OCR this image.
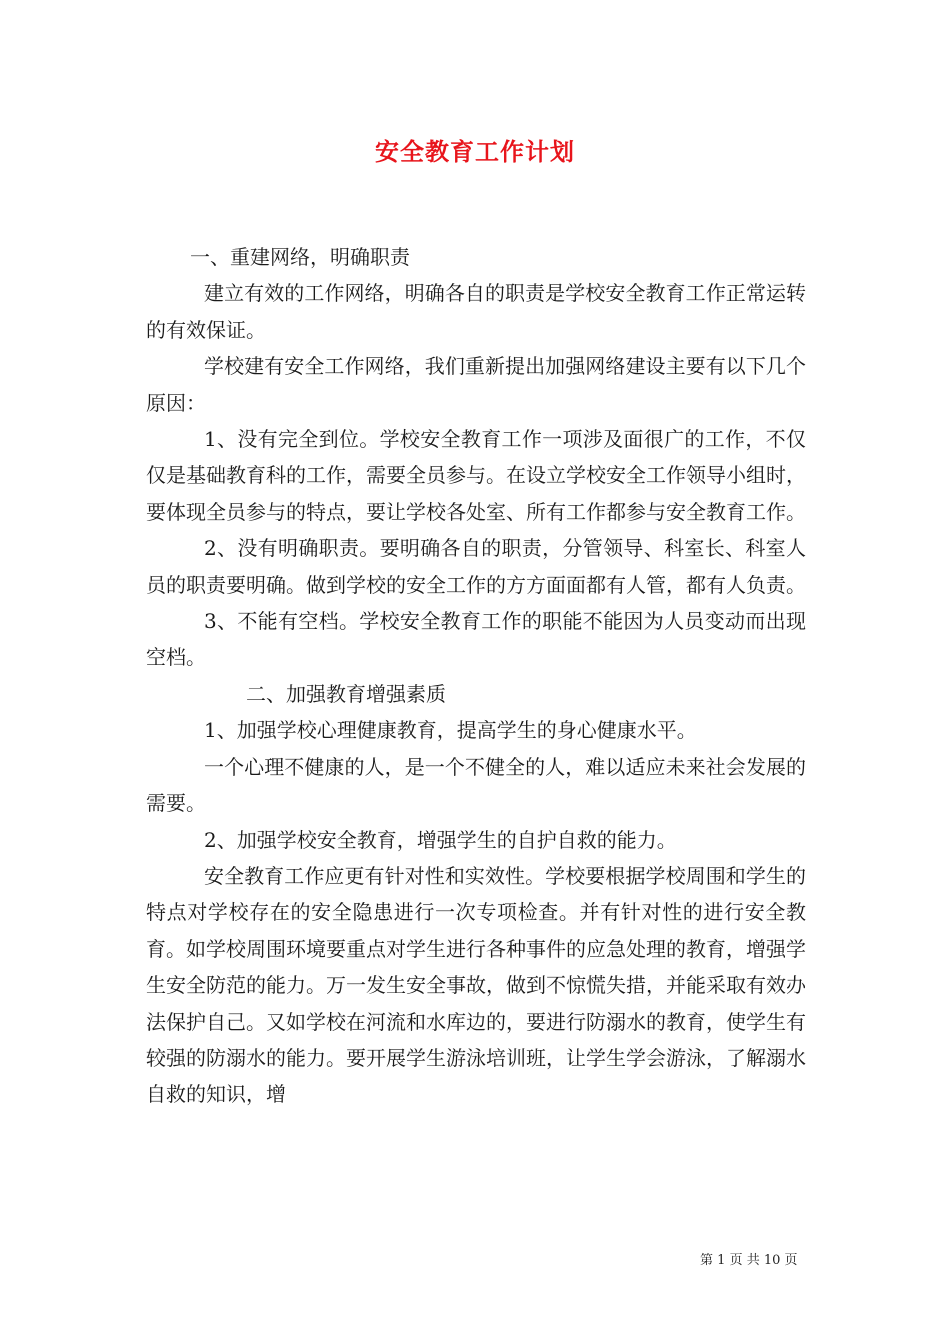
安全教育工作计划

一、重建网络，明确职责

建立有效的工作网络，明确各自的职责是学校安全教育工作正常运转的有效保证。

学校建有安全工作网络，我们重新提出加强网络建设主要有以下几个原因：

1、没有完全到位。学校安全教育工作一项涉及面很广的工作，不仅仅是基础教育科的工作，需要全员参与。在设立学校安全工作领导小组时，要体现全员参与的特点，要让学校各处室、所有工作都参与安全教育工作。

2、没有明确职责。要明确各自的职责，分管领导、科室长、科室人员的职责要明确。做到学校的安全工作的方方面面都有人管，都有人负责。

3、不能有空档。学校安全教育工作的职能不能因为人员变动而出现空档。

二、加强教育增强素质

1、加强学校心理健康教育，提高学生的身心健康水平。

一个心理不健康的人，是一个不健全的人，难以适应未来社会发展的需要。

2、加强学校安全教育，增强学生的自护自救的能力。

安全教育工作应更有针对性和实效性。学校要根据学校周围和学生的特点对学校存在的安全隐患进行一次专项检查。并有针对性的进行安全教育。如学校周围环境要重点对学生进行各种事件的应急处理的教育，增强学生安全防范的能力。万一发生安全事故，做到不惊慌失措，并能采取有效办法保护自己。又如学校在河流和水库边的，要进行防溺水的教育，使学生有较强的防溺水的能力。要开展学生游泳培训班，让学生学会游泳，了解溺水自救的知识，增

第 1 页 共 10 页
